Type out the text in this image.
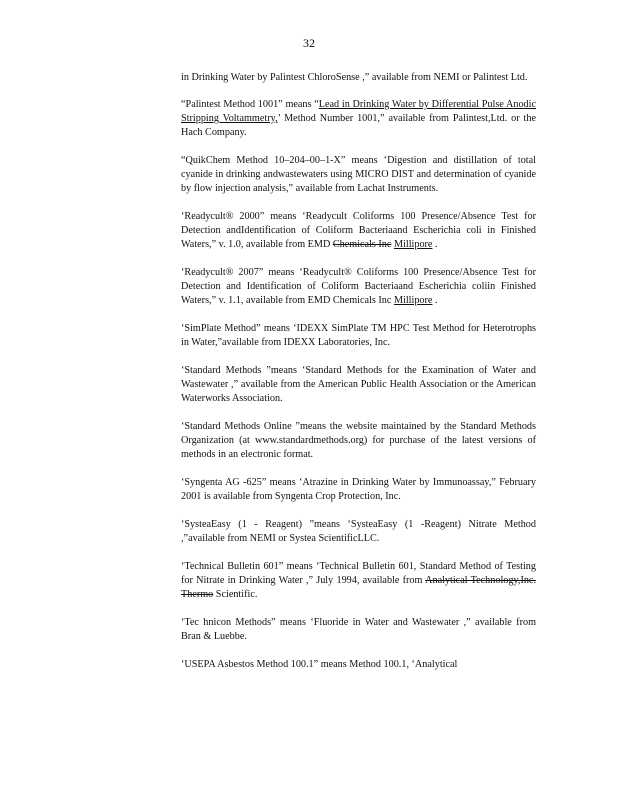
32

in Drinking Water by Palintest ChloroSense ,” available from NEMI or Palintest Ltd.

“Palintest Method 1001” means “Lead in Drinking Water by Differential Pulse Anodic Stripping Voltammetry,’ Method Number 1001,” available from Palintest,Ltd. or the Hach Company.

“QuikChem Method 10–204–00–1-X” means ‘Digestion and distillation of total cyanide in drinking andwastewaters using MICRO DIST and determination of cyanide by flow injection analysis,” available from Lachat Instruments.

‘Readycult® 2000” means ‘Readycult Coliforms 100 Presence/Absence Test for Detection andIdentification of Coliform Bacteriaand Escherichia coli in Finished Waters,” v. 1.0, available from EMD Chemicals Inc Millipore .

‘Readycult® 2007” means ‘Readycult® Coliforms 100 Presence/Absence Test for Detection and Identification of Coliform Bacteriaand Escherichia coliin Finished Waters,” v. 1.1, available from EMD Chemicals Inc Millipore .

‘SimPlate Method” means ‘IDEXX SimPlate TM HPC Test Method for Heterotrophs in Water,”available from IDEXX Laboratories, Inc.

‘Standard Methods ”means ‘Standard Methods for the Examination of Water and Wastewater ,” available from the American Public Health Association or the American Waterworks Association.

‘Standard Methods Online ”means the website maintained by the Standard Methods Organization (at www.standardmethods.org) for purchase of the latest versions of methods in an electronic format.

‘Syngenta AG -625” means ‘Atrazine in Drinking Water by Immunoassay,” February 2001 is available from Syngenta Crop Protection, Inc.

‘SysteaEasy (1 - Reagent) ”means ‘SysteaEasy (1 -Reagent) Nitrate Method ,”available from NEMI or Systea ScientificLLC.

‘Technical Bulletin 601” means ‘Technical Bulletin 601, Standard Method of Testing for Nitrate in Drinking Water ,” July 1994, available from Analytical Technology,Inc. Thermo Scientific.

‘Tec hnicon Methods” means ‘Fluoride in Water and Wastewater ,” available from Bran & Luebbe.

‘USEPA Asbestos Method 100.1” means Method 100.1, ‘Analytical
